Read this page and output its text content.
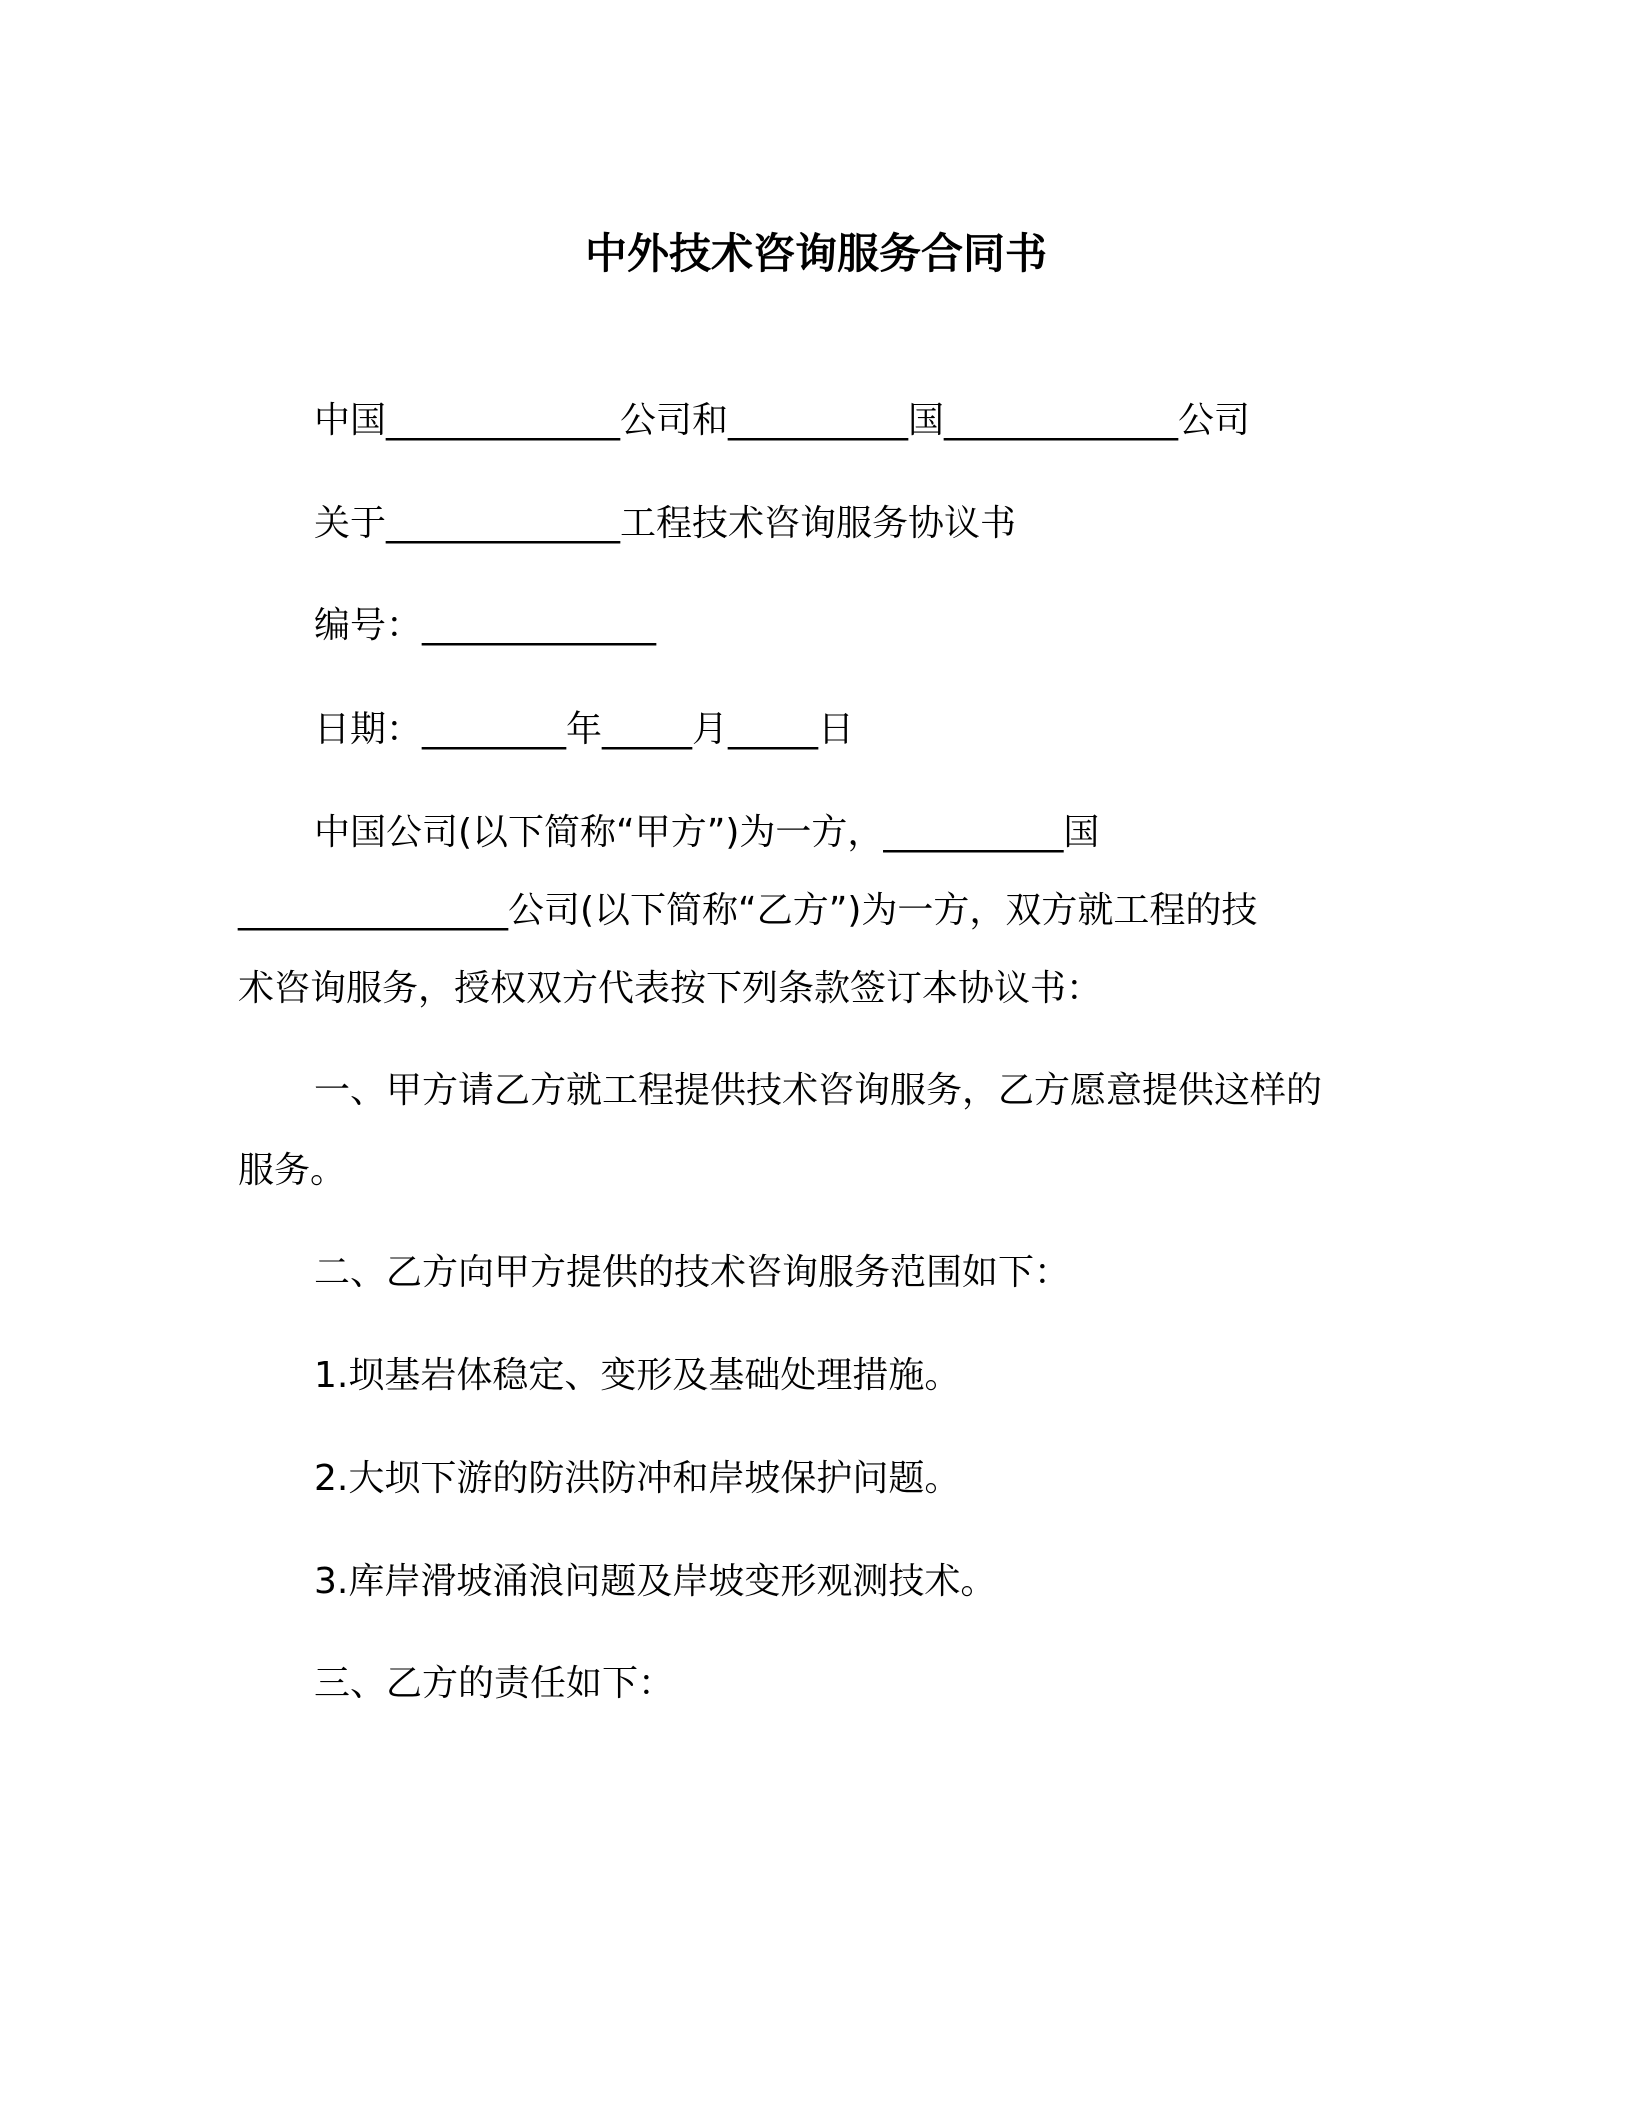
中外技术咨询服务合同书
中国_____________公司和__________国_____________公司
关于_____________工程技术咨询服务协议书
编号：_____________
日期：________年_____月_____日
中国公司(以下简称“甲方”)为一方，__________国
_______________公司(以下简称“乙方”)为一方，双方就工程的技
术咨询服务，授权双方代表按下列条款签订本协议书：
一、甲方请乙方就工程提供技术咨询服务，乙方愿意提供这样的
服务。
二、乙方向甲方提供的技术咨询服务范围如下：
1.坝基岩体稳定、变形及基础处理措施。
2.大坝下游的防洪防冲和岸坡保护问题。
3.库岸滑坡涌浪问题及岸坡变形观测技术。
三、乙方的责任如下：
